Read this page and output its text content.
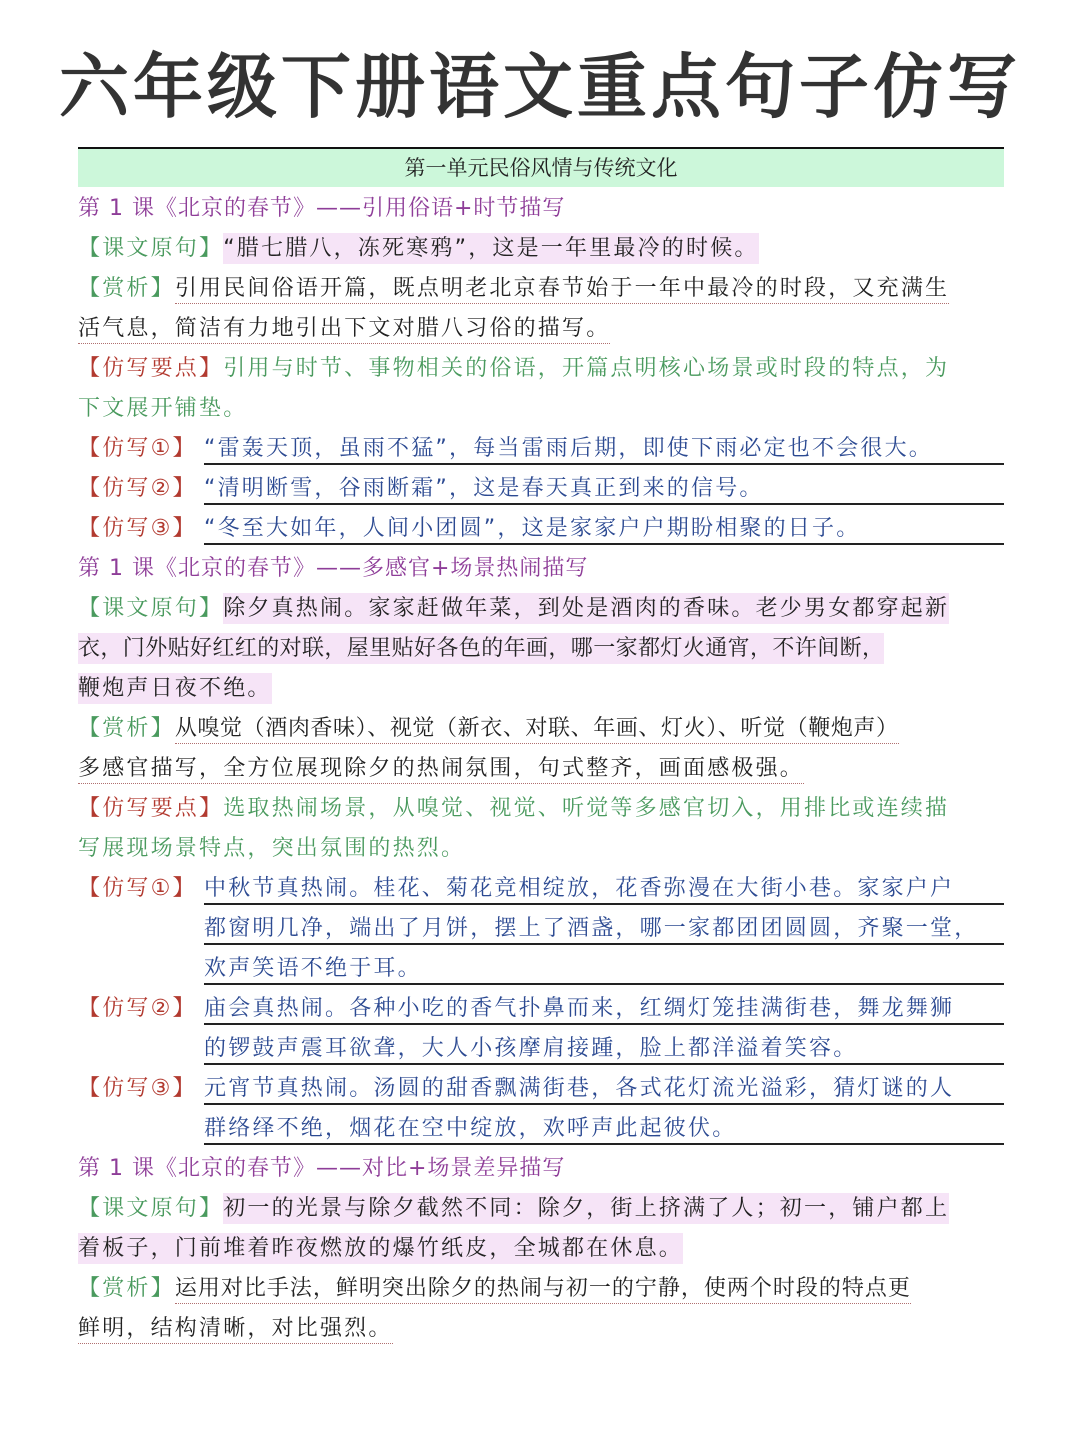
六年级下册语文重点句子仿写
第一单元民俗风情与传统文化
第 1 课《北京的春节》——引用俗语+时节描写
【课文原句】“腊七腊八，冻死寒鸦”，这是一年里最冷的时候。
【赏析】引用民间俗语开篇，既点明老北京春节始于一年中最冷的时段，又充满生
活气息，简洁有力地引出下文对腊八习俗的描写。
【仿写要点】引用与时节、事物相关的俗语，开篇点明核心场景或时段的特点，为
下文展开铺垫。
【仿写①】 “雷轰天顶，虽雨不猛”，每当雷雨后期，即使下雨必定也不会很大。
【仿写②】 “清明断雪，谷雨断霜”，这是春天真正到来的信号。
【仿写③】 “冬至大如年，人间小团圆”，这是家家户户期盼相聚的日子。
第 1 课《北京的春节》——多感官+场景热闹描写
【课文原句】除夕真热闹。家家赶做年菜，到处是酒肉的香味。老少男女都穿起新
衣，门外贴好红红的对联，屋里贴好各色的年画，哪一家都灯火通宵，不许间断，
鞭炮声日夜不绝。
【赏析】从嗅觉（酒肉香味）、视觉（新衣、对联、年画、灯火）、听觉（鞭炮声）
多感官描写，全方位展现除夕的热闹氛围，句式整齐，画面感极强。
【仿写要点】选取热闹场景，从嗅觉、视觉、听觉等多感官切入，用排比或连续描
写展现场景特点，突出氛围的热烈。
【仿写①】 中秋节真热闹。桂花、菊花竞相绽放，花香弥漫在大街小巷。家家户户
都窗明几净，端出了月饼，摆上了酒盏，哪一家都团团圆圆，齐聚一堂，
欢声笑语不绝于耳。
【仿写②】 庙会真热闹。各种小吃的香气扑鼻而来，红绸灯笼挂满街巷，舞龙舞狮
的锣鼓声震耳欲聋，大人小孩摩肩接踵，脸上都洋溢着笑容。
【仿写③】 元宵节真热闹。汤圆的甜香飘满街巷，各式花灯流光溢彩，猜灯谜的人
群络绎不绝，烟花在空中绽放，欢呼声此起彼伏。
第 1 课《北京的春节》——对比+场景差异描写
【课文原句】初一的光景与除夕截然不同：除夕，街上挤满了人；初一，铺户都上
着板子，门前堆着昨夜燃放的爆竹纸皮，全城都在休息。
【赏析】运用对比手法，鲜明突出除夕的热闹与初一的宁静，使两个时段的特点更
鲜明，结构清晰，对比强烈。
